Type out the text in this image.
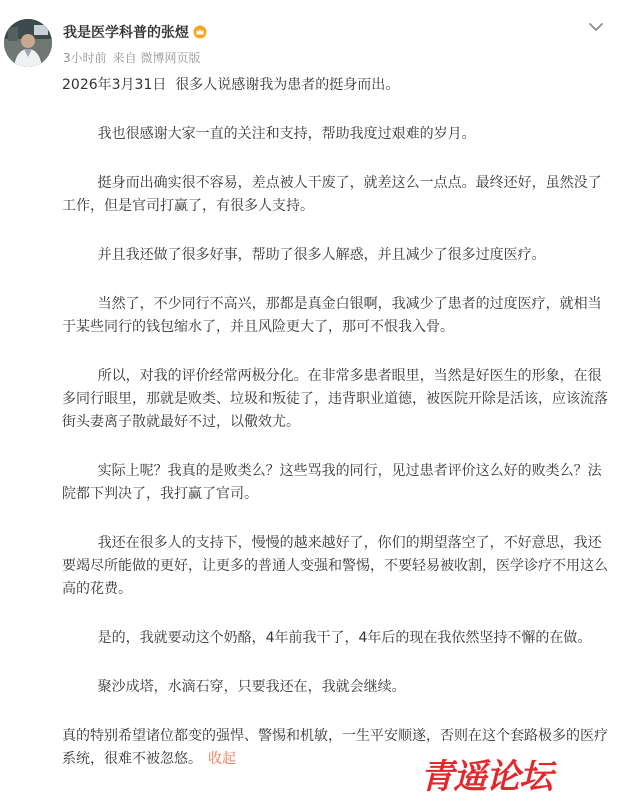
我是医学科普的张煜
3小时前 来自 微博网页版

2026年3月31日  很多人说感谢我为患者的挺身而出。

我也很感谢大家一直的关注和支持，帮助我度过艰难的岁月。

挺身而出确实很不容易，差点被人干废了，就差这么一点点。最终还好，虽然没了工作，但是官司打赢了，有很多人支持。

并且我还做了很多好事，帮助了很多人解惑，并且减少了很多过度医疗。

当然了，不少同行不高兴，那都是真金白银啊，我减少了患者的过度医疗，就相当于某些同行的钱包缩水了，并且风险更大了，那可不恨我入骨。

所以，对我的评价经常两极分化。在非常多患者眼里，当然是好医生的形象，在很多同行眼里，那就是败类、垃圾和叛徒了，违背职业道德，被医院开除是活该，应该流落街头妻离子散就最好不过，以儆效尤。

实际上呢？我真的是败类么？这些骂我的同行，见过患者评价这么好的败类么？法院都下判决了，我打赢了官司。

我还在很多人的支持下，慢慢的越来越好了，你们的期望落空了，不好意思，我还要竭尽所能做的更好，让更多的普通人变强和警惕，不要轻易被收割，医学诊疗不用这么高的花费。

是的，我就要动这个奶酪，4年前我干了，4年后的现在我依然坚持不懈的在做。

聚沙成塔，水滴石穿，只要我还在，我就会继续。

真的特别希望诸位都变的强悍、警惕和机敏，一生平安顺遂，否则在这个套路极多的医疗系统，很难不被忽悠。 收起	青遥论坛
